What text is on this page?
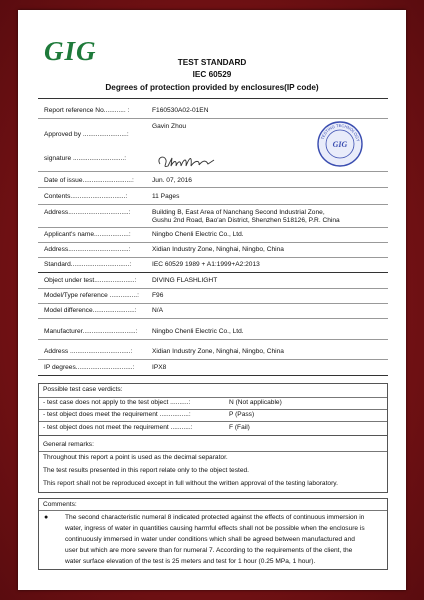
GIG	TEST STANDARD
IEC 60529
Degrees of protection provided by enclosures(IP code)
Report reference No............ :	F160530A02-01EN
Approved by ........................:
Gavin Zhou
signature ............................:
Date of issue...........................:	Jun. 07, 2016
Contents..............................:	11 Pages
Address.................................:	Building B, East Area of Nanchang Second Industrial Zone,
Gushu 2nd Road, Bao'an District, Shenzhen 518126, P.R. China
Applicant's name...................:	Ningbo Chenli Electric Co., Ltd.
Address.................................:	Xidian Industry Zone, Ninghai, Ningbo, China
Standard................................:	IEC 60529 1989 + A1:1999+A2:2013
Object under test......................: DIVING FLASHLIGHT
Model/Type reference ...............: F96
Model difference.......................: N/A
Manufacturer.............................: Ningbo Chenli Electric Co., Ltd.
Address .................................:	Xidian Industry Zone, Ninghai, Ningbo, China
IP degrees...............................:	IPX8
TESTING TECHNOLOGY
GIG
Possible test case verdicts:
- test case does not apply to the test object ..........:	N (Not applicable)
- test object does meet the requirement ................:	P (Pass)
- test object does not meet the requirement ...........:	F (Fail)
General remarks:
Throughout this report a point is used as the decimal separator.
The test results presented in this report relate only to the object tested.
This report shall not be reproduced except in full without the written approval of the testing laboratory.
Comments:
●	The second characteristic numeral 8 indicated protected against the effects of continuous immersion in
water, ingress of water in quantities causing harmful effects shall not be possible when the enclosure is
continuously immersed in water under conditions which shall be agreed between manufactured and
user but which are more severe than for numeral 7. According to the requirements of the client, the
water surface elevation of the test is 25 meters and test for 1 hour (0.25 MPa, 1 hour).
